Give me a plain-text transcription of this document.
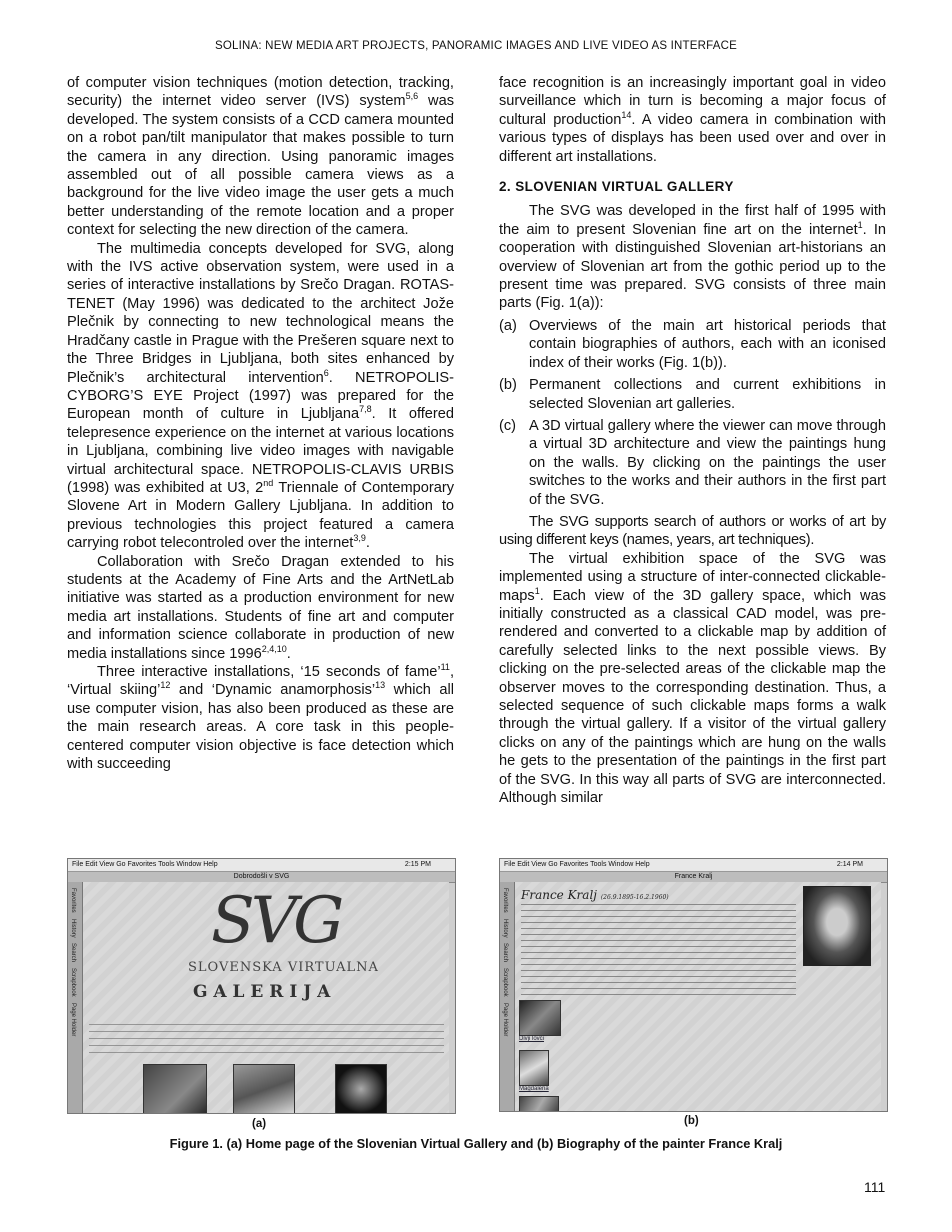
SOLINA: NEW MEDIA ART PROJECTS, PANORAMIC IMAGES AND LIVE VIDEO AS INTERFACE

of computer vision techniques (motion detection, tracking, security) the internet video server (IVS) system$^{5,6}$ was developed. The system consists of a CCD camera mounted on a robot pan/tilt manipulator that makes possible to turn the camera in any direction. Using panoramic images assembled out of all possible camera views as a background for the live video image the user gets a much better understanding of the remote location and a proper context for selecting the new direction of the camera.

The multimedia concepts developed for SVG, along with the IVS active observation system, were used in a series of interactive installations by Srečo Dragan. ROTAS-TENET (May 1996) was dedicated to the architect Jože Plečnik by connecting to new technological means the Hradčany castle in Prague with the Prešeren square next to the Three Bridges in Ljubljana, both sites enhanced by Plečnik’s architectural intervention$^6$. NETROPOLIS-CYBORG’S EYE Project (1997) was prepared for the European month of culture in Ljubljana$^{7,8}$. It offered telepresence experience on the internet at various locations in Ljubljana, combining live video images with navigable virtual architectural space. NETROPOLIS-CLAVIS URBIS (1998) was exhibited at U3, 2nd Triennale of Contemporary Slovene Art in Modern Gallery Ljubljana. In addition to previous technologies this project featured a camera carrying robot telecontroled over the internet$^{3,9}$.

Collaboration with Srečo Dragan extended to his students at the Academy of Fine Arts and the ArtNetLab initiative was started as a production environment for new media art installations. Students of fine art and computer and information science collaborate in production of new media installations since 1996$^{2,4,10}$.

Three interactive installations, ‘15 seconds of fame’$^{11}$, ‘Virtual skiing’$^{12}$ and ‘Dynamic anamorphosis’$^{13}$ which all use computer vision, has also been produced as these are the main research areas. A core task in this people-centered computer vision objective is face detection which with succeeding

face recognition is an increasingly important goal in video surveillance which in turn is becoming a major focus of cultural production$^{14}$. A video camera in combination with various types of displays has been used over and over in different art installations.

2. SLOVENIAN VIRTUAL GALLERY

The SVG was developed in the first half of 1995 with the aim to present Slovenian fine art on the internet$^1$. In cooperation with distinguished Slovenian art-historians an overview of Slovenian art from the gothic period up to the present time was prepared. SVG consists of three main parts (Fig. 1(a)):

(a) Overviews of the main art historical periods that contain biographies of authors, each with an iconised index of their works (Fig. 1(b)).

(b) Permanent collections and current exhibitions in selected Slovenian art galleries.

(c) A 3D virtual gallery where the viewer can move through a virtual 3D architecture and view the paintings hung on the walls. By clicking on the paintings the user switches to the works and their authors in the first part of the SVG.

The SVG supports search of authors or works of art by using different keys (names, years, art techniques).

The virtual exhibition space of the SVG was implemented using a structure of inter-connected clickable-maps$^1$. Each view of the 3D gallery space, which was initially constructed as a classical CAD model, was pre-rendered and converted to a clickable map by addition of carefully selected links to the next possible views. By clicking on the pre-selected areas of the clickable map the observer moves to the corresponding destination. Thus, a selected sequence of such clickable maps forms a walk through the virtual gallery. If a visitor of the virtual gallery clicks on any of the paintings which are hung on the walls he gets to the presentation of the paintings in the first part of the SVG. In this way all parts of SVG are interconnected. Although similar

File Edit View Go Favorites Tools Window Help	2:15 PM
Dobrodošli v SVG
Favorites
History
Search
Scrapbook
Page Holder
SVG
SLOVENSKA VIRTUALNA
G A L E R I J A
File Edit View Go Favorites Tools Window Help	2:14 PM
France Kralj
Favorites
History
Search
Scrapbook
Page Holder
France Kralj (26.9.1895-16.2.1960)
Divji lovci
Magdalena
(a)	(b)
Figure 1. (a) Home page of the Slovenian Virtual Gallery and (b) Biography of the painter France Kralj
111
